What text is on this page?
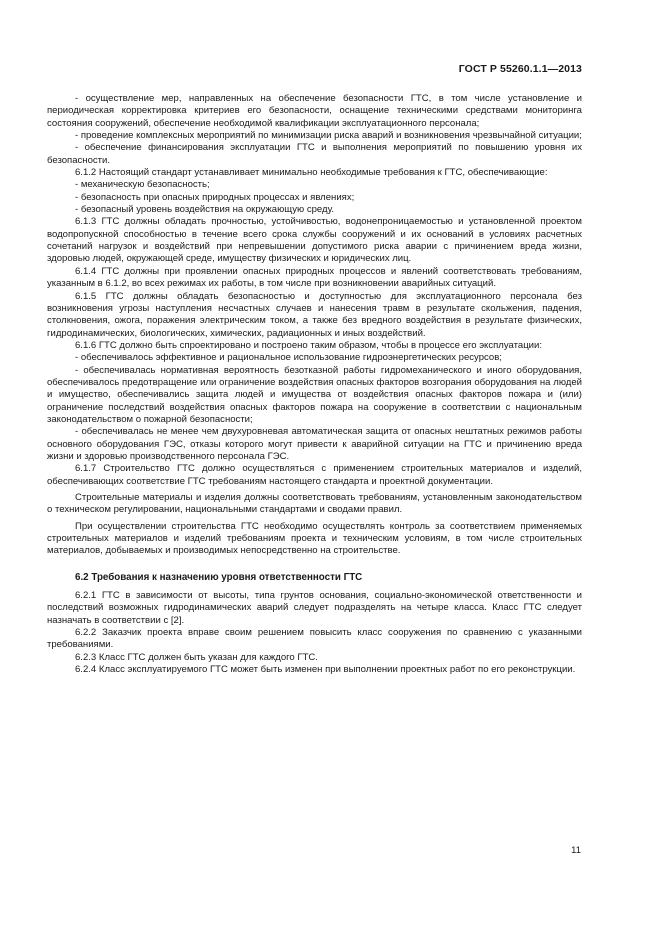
ГОСТ Р 55260.1.1—2013

- осуществление мер, направленных на обеспечение безопасности ГТС, в том числе установление и периодическая корректировка критериев его безопасности, оснащение техническими средствами мониторинга состояния сооружений, обеспечение необходимой квалификации эксплуатационного персонала;

- проведение комплексных мероприятий по минимизации риска аварий и возникновения чрезвычайной ситуации;

- обеспечение финансирования эксплуатации ГТС и выполнения мероприятий по повышению уровня их безопасности.

6.1.2 Настоящий стандарт устанавливает минимально необходимые требования к ГТС, обеспечивающие:

- механическую безопасность;

- безопасность при опасных природных процессах и явлениях;

- безопасный уровень воздействия на окружающую среду.

6.1.3 ГТС должны обладать прочностью, устойчивостью, водонепроницаемостью и установленной проектом водопропускной способностью в течение всего срока службы сооружений и их оснований в условиях расчетных сочетаний нагрузок и воздействий при непревышении допустимого риска аварии с причинением вреда жизни, здоровью людей, окружающей среде, имуществу физических и юридических лиц.

6.1.4 ГТС должны при проявлении опасных природных процессов и явлений соответствовать требованиям, указанным в 6.1.2, во всех режимах их работы, в том числе при возникновении аварийных ситуаций.

6.1.5 ГТС должны обладать безопасностью и доступностью для эксплуатационного персонала без возникновения угрозы наступления несчастных случаев и нанесения травм в результате скольжения, падения, столкновения, ожога, поражения электрическим током, а также без вредного воздействия в результате физических, гидродинамических, биологических, химических, радиационных и иных воздействий.

6.1.6 ГТС должно быть спроектировано и построено таким образом, чтобы в процессе его эксплуатации:

- обеспечивалось эффективное и рациональное использование гидроэнергетических ресурсов;

- обеспечивалась нормативная вероятность безотказной работы гидромеханического и иного оборудования, обеспечивалось предотвращение или ограничение воздействия опасных факторов возгорания оборудования на людей и имущество, обеспечивались защита людей и имущества от воздействия опасных факторов пожара и (или) ограничение последствий воздействия опасных факторов пожара на сооружение в соответствии с национальным законодательством о пожарной безопасности;

- обеспечивалась не менее чем двухуровневая автоматическая защита от опасных нештатных режимов работы основного оборудования ГЭС, отказы которого могут привести к аварийной ситуации на ГТС и причинению вреда жизни и здоровью производственного персонала ГЭС.

6.1.7 Строительство ГТС должно осуществляться с применением строительных материалов и изделий, обеспечивающих соответствие ГТС требованиям настоящего стандарта и проектной документации.

Строительные материалы и изделия должны соответствовать требованиям, установленным законодательством о техническом регулировании, национальными стандартами и сводами правил.

При осуществлении строительства ГТС необходимо осуществлять контроль за соответствием применяемых строительных материалов и изделий требованиям проекта и техническим условиям, в том числе строительных материалов, добываемых и производимых непосредственно на строительстве.

6.2 Требования к назначению уровня ответственности ГТС

6.2.1 ГТС в зависимости от высоты, типа грунтов основания, социально-экономической ответственности и последствий возможных гидродинамических аварий следует подразделять на четыре класса. Класс ГТС следует назначать в соответствии с [2].

6.2.2 Заказчик проекта вправе своим решением повысить класс сооружения по сравнению с указанными требованиями.

6.2.3 Класс ГТС должен быть указан для каждого ГТС.

6.2.4 Класс эксплуатируемого ГТС может быть изменен при выполнении проектных работ по его реконструкции.

11
